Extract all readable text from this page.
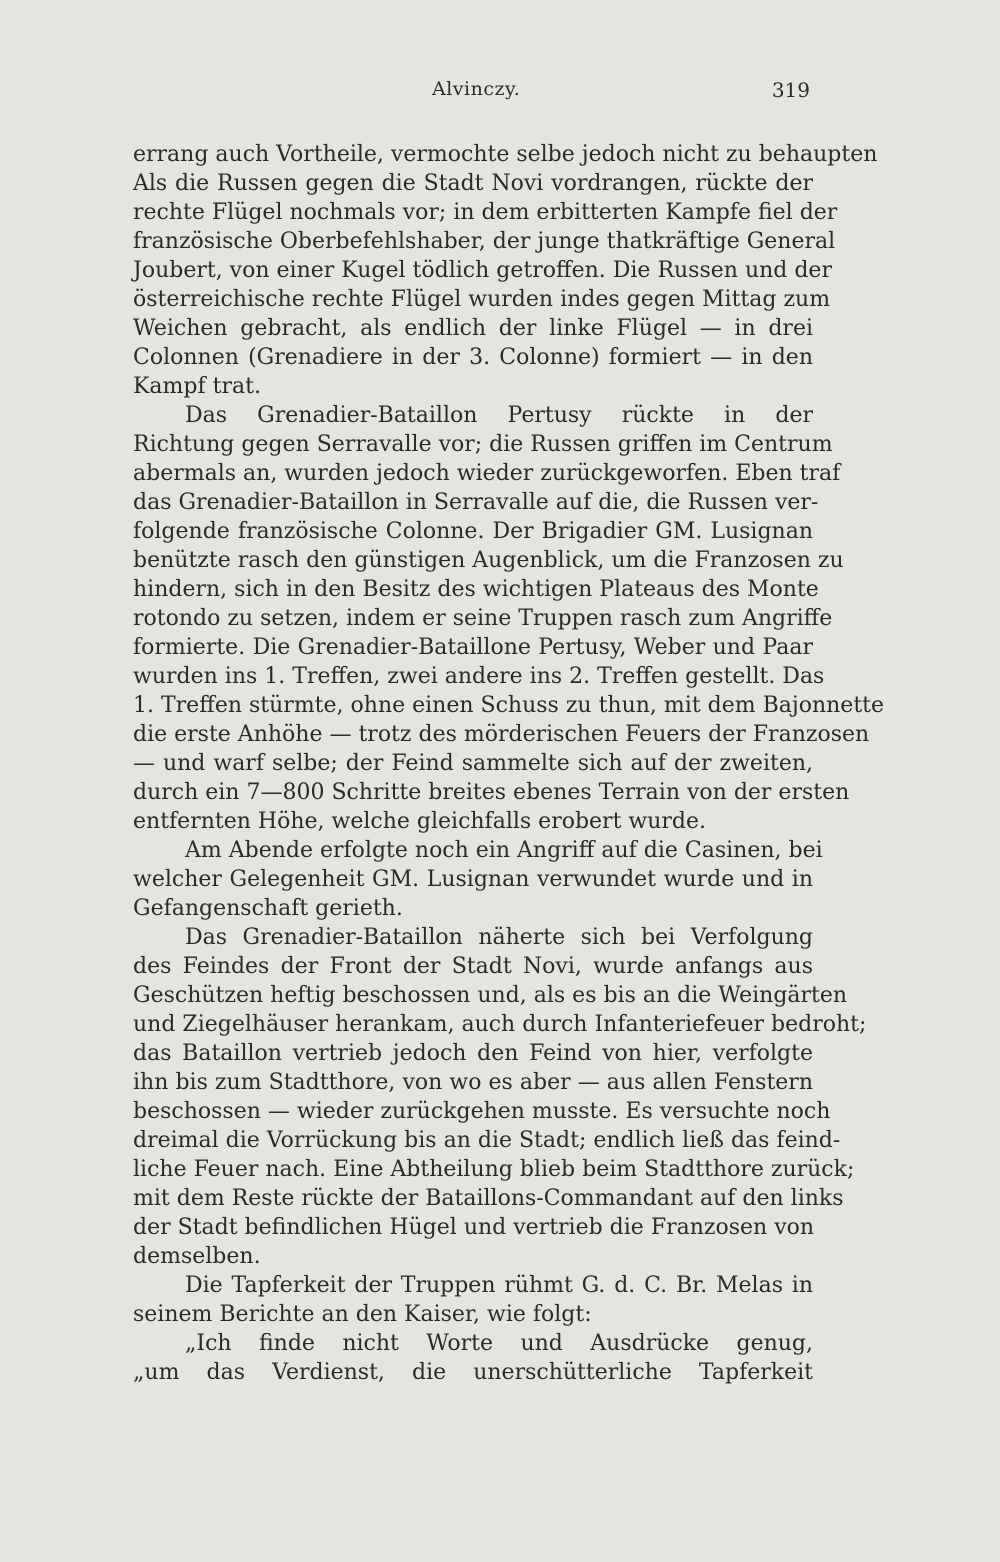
Alvinczy.	319
errang auch Vortheile, vermochte selbe jedoch nicht zu behaupten
Als die Russen gegen die Stadt Novi vordrangen, rückte der
rechte Flügel nochmals vor; in dem erbitterten Kampfe fiel der
französische Oberbefehlshaber, der junge thatkräftige General
Joubert, von einer Kugel tödlich getroffen. Die Russen und der
österreichische rechte Flügel wurden indes gegen Mittag zum
Weichen gebracht, als endlich der linke Flügel — in drei
Colonnen (Grenadiere in der 3. Colonne) formiert — in den
Kampf trat.
Das Grenadier-Bataillon Pertusy rückte in der
Richtung gegen Serravalle vor; die Russen griffen im Centrum
abermals an, wurden jedoch wieder zurückgeworfen. Eben traf
das Grenadier-Bataillon in Serravalle auf die, die Russen ver-
folgende französische Colonne. Der Brigadier GM. Lusignan
benützte rasch den günstigen Augenblick, um die Franzosen zu
hindern, sich in den Besitz des wichtigen Plateaus des Monte
rotondo zu setzen, indem er seine Truppen rasch zum Angriffe
formierte. Die Grenadier-Bataillone Pertusy, Weber und Paar
wurden ins 1. Treffen, zwei andere ins 2. Treffen gestellt. Das
1. Treffen stürmte, ohne einen Schuss zu thun, mit dem Bajonnette
die erste Anhöhe — trotz des mörderischen Feuers der Franzosen
— und warf selbe; der Feind sammelte sich auf der zweiten,
durch ein 7—800 Schritte breites ebenes Terrain von der ersten
entfernten Höhe, welche gleichfalls erobert wurde.
Am Abende erfolgte noch ein Angriff auf die Casinen, bei
welcher Gelegenheit GM. Lusignan verwundet wurde und in
Gefangenschaft gerieth.
Das Grenadier-Bataillon näherte sich bei Verfolgung
des Feindes der Front der Stadt Novi, wurde anfangs aus
Geschützen heftig beschossen und, als es bis an die Weingärten
und Ziegelhäuser herankam, auch durch Infanteriefeuer bedroht;
das Bataillon vertrieb jedoch den Feind von hier, verfolgte
ihn bis zum Stadtthore, von wo es aber — aus allen Fenstern
beschossen — wieder zurückgehen musste. Es versuchte noch
dreimal die Vorrückung bis an die Stadt; endlich ließ das feind-
liche Feuer nach. Eine Abtheilung blieb beim Stadtthore zurück;
mit dem Reste rückte der Bataillons-Commandant auf den links
der Stadt befindlichen Hügel und vertrieb die Franzosen von
demselben.
Die Tapferkeit der Truppen rühmt G. d. C. Br. Melas in
seinem Berichte an den Kaiser, wie folgt:
„Ich finde nicht Worte und Ausdrücke genug,
„um das Verdienst, die unerschütterliche Tapferkeit
